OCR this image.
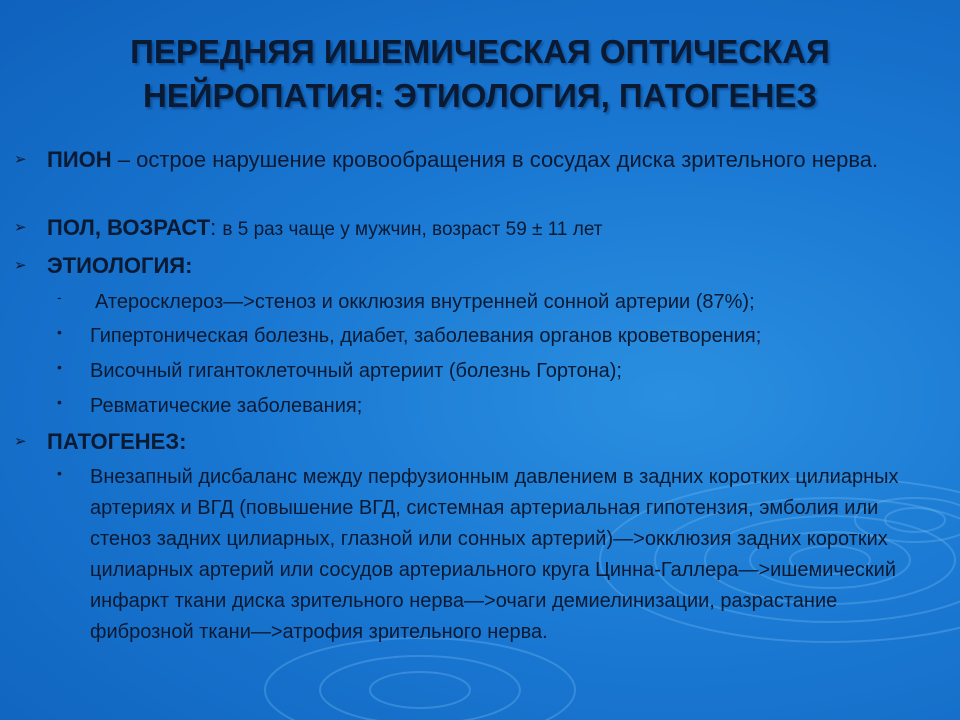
ПЕРЕДНЯЯ ИШЕМИЧЕСКАЯ ОПТИЧЕСКАЯ
НЕЙРОПАТИЯ: ЭТИОЛОГИЯ, ПАТОГЕНЕЗ
➢ ПИОН – острое нарушение кровообращения в сосудах диска зрительного нерва.
➢ ПОЛ, ВОЗРАСТ: в 5 раз чаще у мужчин, возраст 59 ± 11 лет
➢ ЭТИОЛОГИЯ:
- Атеросклероз—>стеноз и окклюзия внутренней сонной артерии (87%);
• Гипертоническая болезнь, диабет, заболевания органов кроветворения;
• Височный гигантоклеточный артериит (болезнь Гортона);
• Ревматические заболевания;
➢ ПАТОГЕНЕЗ:
• Внезапный дисбаланс между перфузионным давлением в задних коротких цилиарных артериях и ВГД (повышение ВГД, системная артериальная гипотензия, эмболия или стеноз задних цилиарных, глазной или сонных артерий)—>окклюзия задних коротких цилиарных артерий или сосудов артериального круга Цинна-Галлера—>ишемический инфаркт ткани диска зрительного нерва—>очаги демиелинизации, разрастание фиброзной ткани—>атрофия зрительного нерва.
